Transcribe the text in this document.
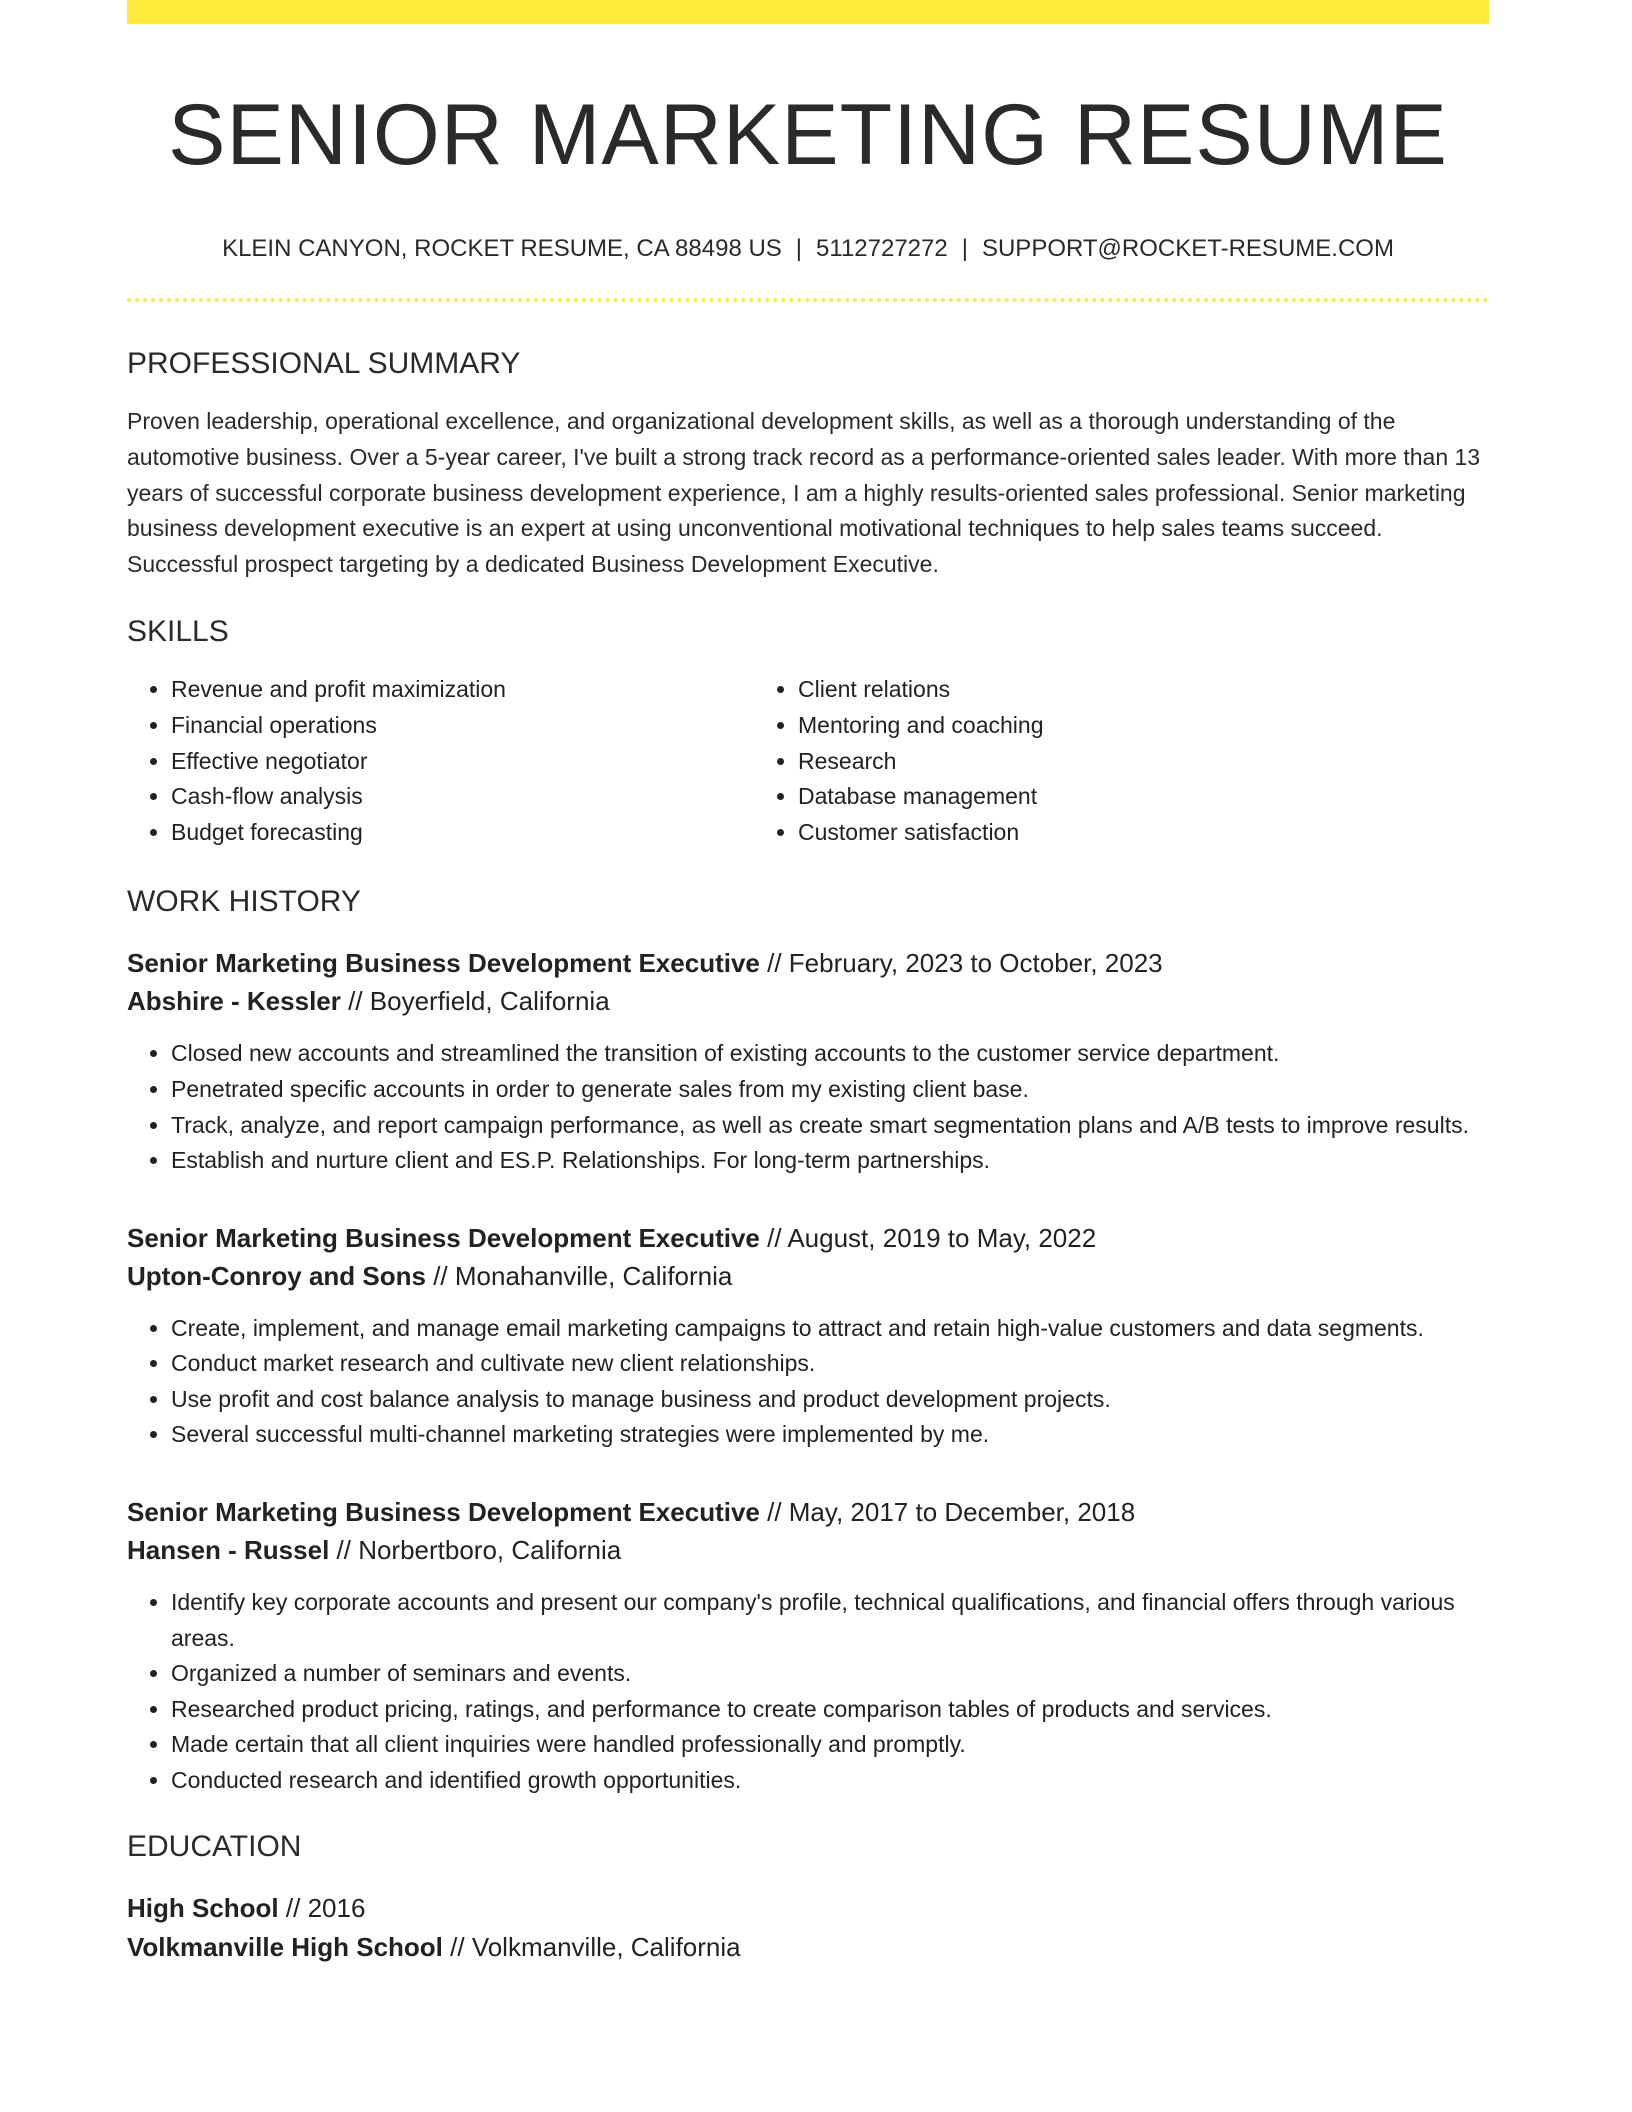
SENIOR MARKETING RESUME
KLEIN CANYON, ROCKET RESUME, CA 88498 US | 5112727272 | SUPPORT@ROCKET-RESUME.COM
PROFESSIONAL SUMMARY

Proven leadership, operational excellence, and organizational development skills, as well as a thorough understanding of the automotive business. Over a 5-year career, I've built a strong track record as a performance-oriented sales leader. With more than 13 years of successful corporate business development experience, I am a highly results-oriented sales professional. Senior marketing business development executive is an expert at using unconventional motivational techniques to help sales teams succeed. Successful prospect targeting by a dedicated Business Development Executive.

SKILLS
• Revenue and profit maximization
• Financial operations
• Effective negotiator
• Cash-flow analysis
• Budget forecasting
• Client relations
• Mentoring and coaching
• Research
• Database management
• Customer satisfaction
WORK HISTORY
Senior Marketing Business Development Executive // February, 2023 to October, 2023
Abshire - Kessler // Boyerfield, California
• Closed new accounts and streamlined the transition of existing accounts to the customer service department.
• Penetrated specific accounts in order to generate sales from my existing client base.
• Track, analyze, and report campaign performance, as well as create smart segmentation plans and A/B tests to improve results.
• Establish and nurture client and ES.P. Relationships. For long-term partnerships.
Senior Marketing Business Development Executive // August, 2019 to May, 2022
Upton-Conroy and Sons // Monahanville, California
• Create, implement, and manage email marketing campaigns to attract and retain high-value customers and data segments.
• Conduct market research and cultivate new client relationships.
• Use profit and cost balance analysis to manage business and product development projects.
• Several successful multi-channel marketing strategies were implemented by me.
Senior Marketing Business Development Executive // May, 2017 to December, 2018
Hansen - Russel // Norbertboro, California
• Identify key corporate accounts and present our company's profile, technical qualifications, and financial offers through various areas.
• Organized a number of seminars and events.
• Researched product pricing, ratings, and performance to create comparison tables of products and services.
• Made certain that all client inquiries were handled professionally and promptly.
• Conducted research and identified growth opportunities.
EDUCATION
High School // 2016
Volkmanville High School // Volkmanville, California
